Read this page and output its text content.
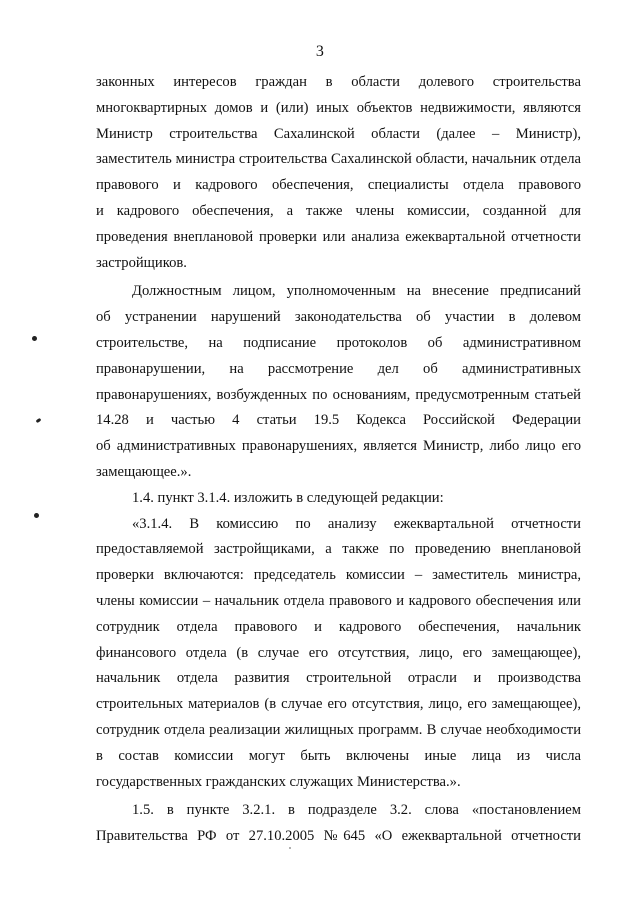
3
законных интересов граждан в области долевого строительства
многоквартирных домов и (или) иных объектов недвижимости, являются
Министр строительства Сахалинской области (далее – Министр),
заместитель министра строительства Сахалинской области, начальник отдела
правового и кадрового обеспечения, специалисты отдела правового
и кадрового обеспечения, а также члены комиссии, созданной для
проведения внеплановой проверки или анализа ежеквартальной отчетности
застройщиков.
Должностным лицом, уполномоченным на внесение предписаний
об устранении нарушений законодательства об участии в долевом
строительстве, на подписание протоколов об административном
правонарушении, на рассмотрение дел об административных
правонарушениях, возбужденных по основаниям, предусмотренным статьей
14.28 и частью 4 статьи 19.5 Кодекса Российской Федерации
об административных правонарушениях, является Министр, либо лицо его
замещающее.».
1.4. пункт 3.1.4. изложить в следующей редакции:
«3.1.4. В комиссию по анализу ежеквартальной отчетности
предоставляемой застройщиками, а также по проведению внеплановой
проверки включаются: председатель комиссии – заместитель министра,
члены комиссии – начальник отдела правового и кадрового обеспечения или
сотрудник отдела правового и кадрового обеспечения, начальник
финансового отдела (в случае его отсутствия, лицо, его замещающее),
начальник отдела развития строительной отрасли и производства
строительных материалов (в случае его отсутствия, лицо, его замещающее),
сотрудник отдела реализации жилищных программ. В случае необходимости
в состав комиссии могут быть включены иные лица из числа
государственных гражданских служащих Министерства.».
1.5. в пункте 3.2.1. в подразделе 3.2. слова «постановлением
Правительства РФ от 27.10.2005 №645 «О ежеквартальной отчетности
